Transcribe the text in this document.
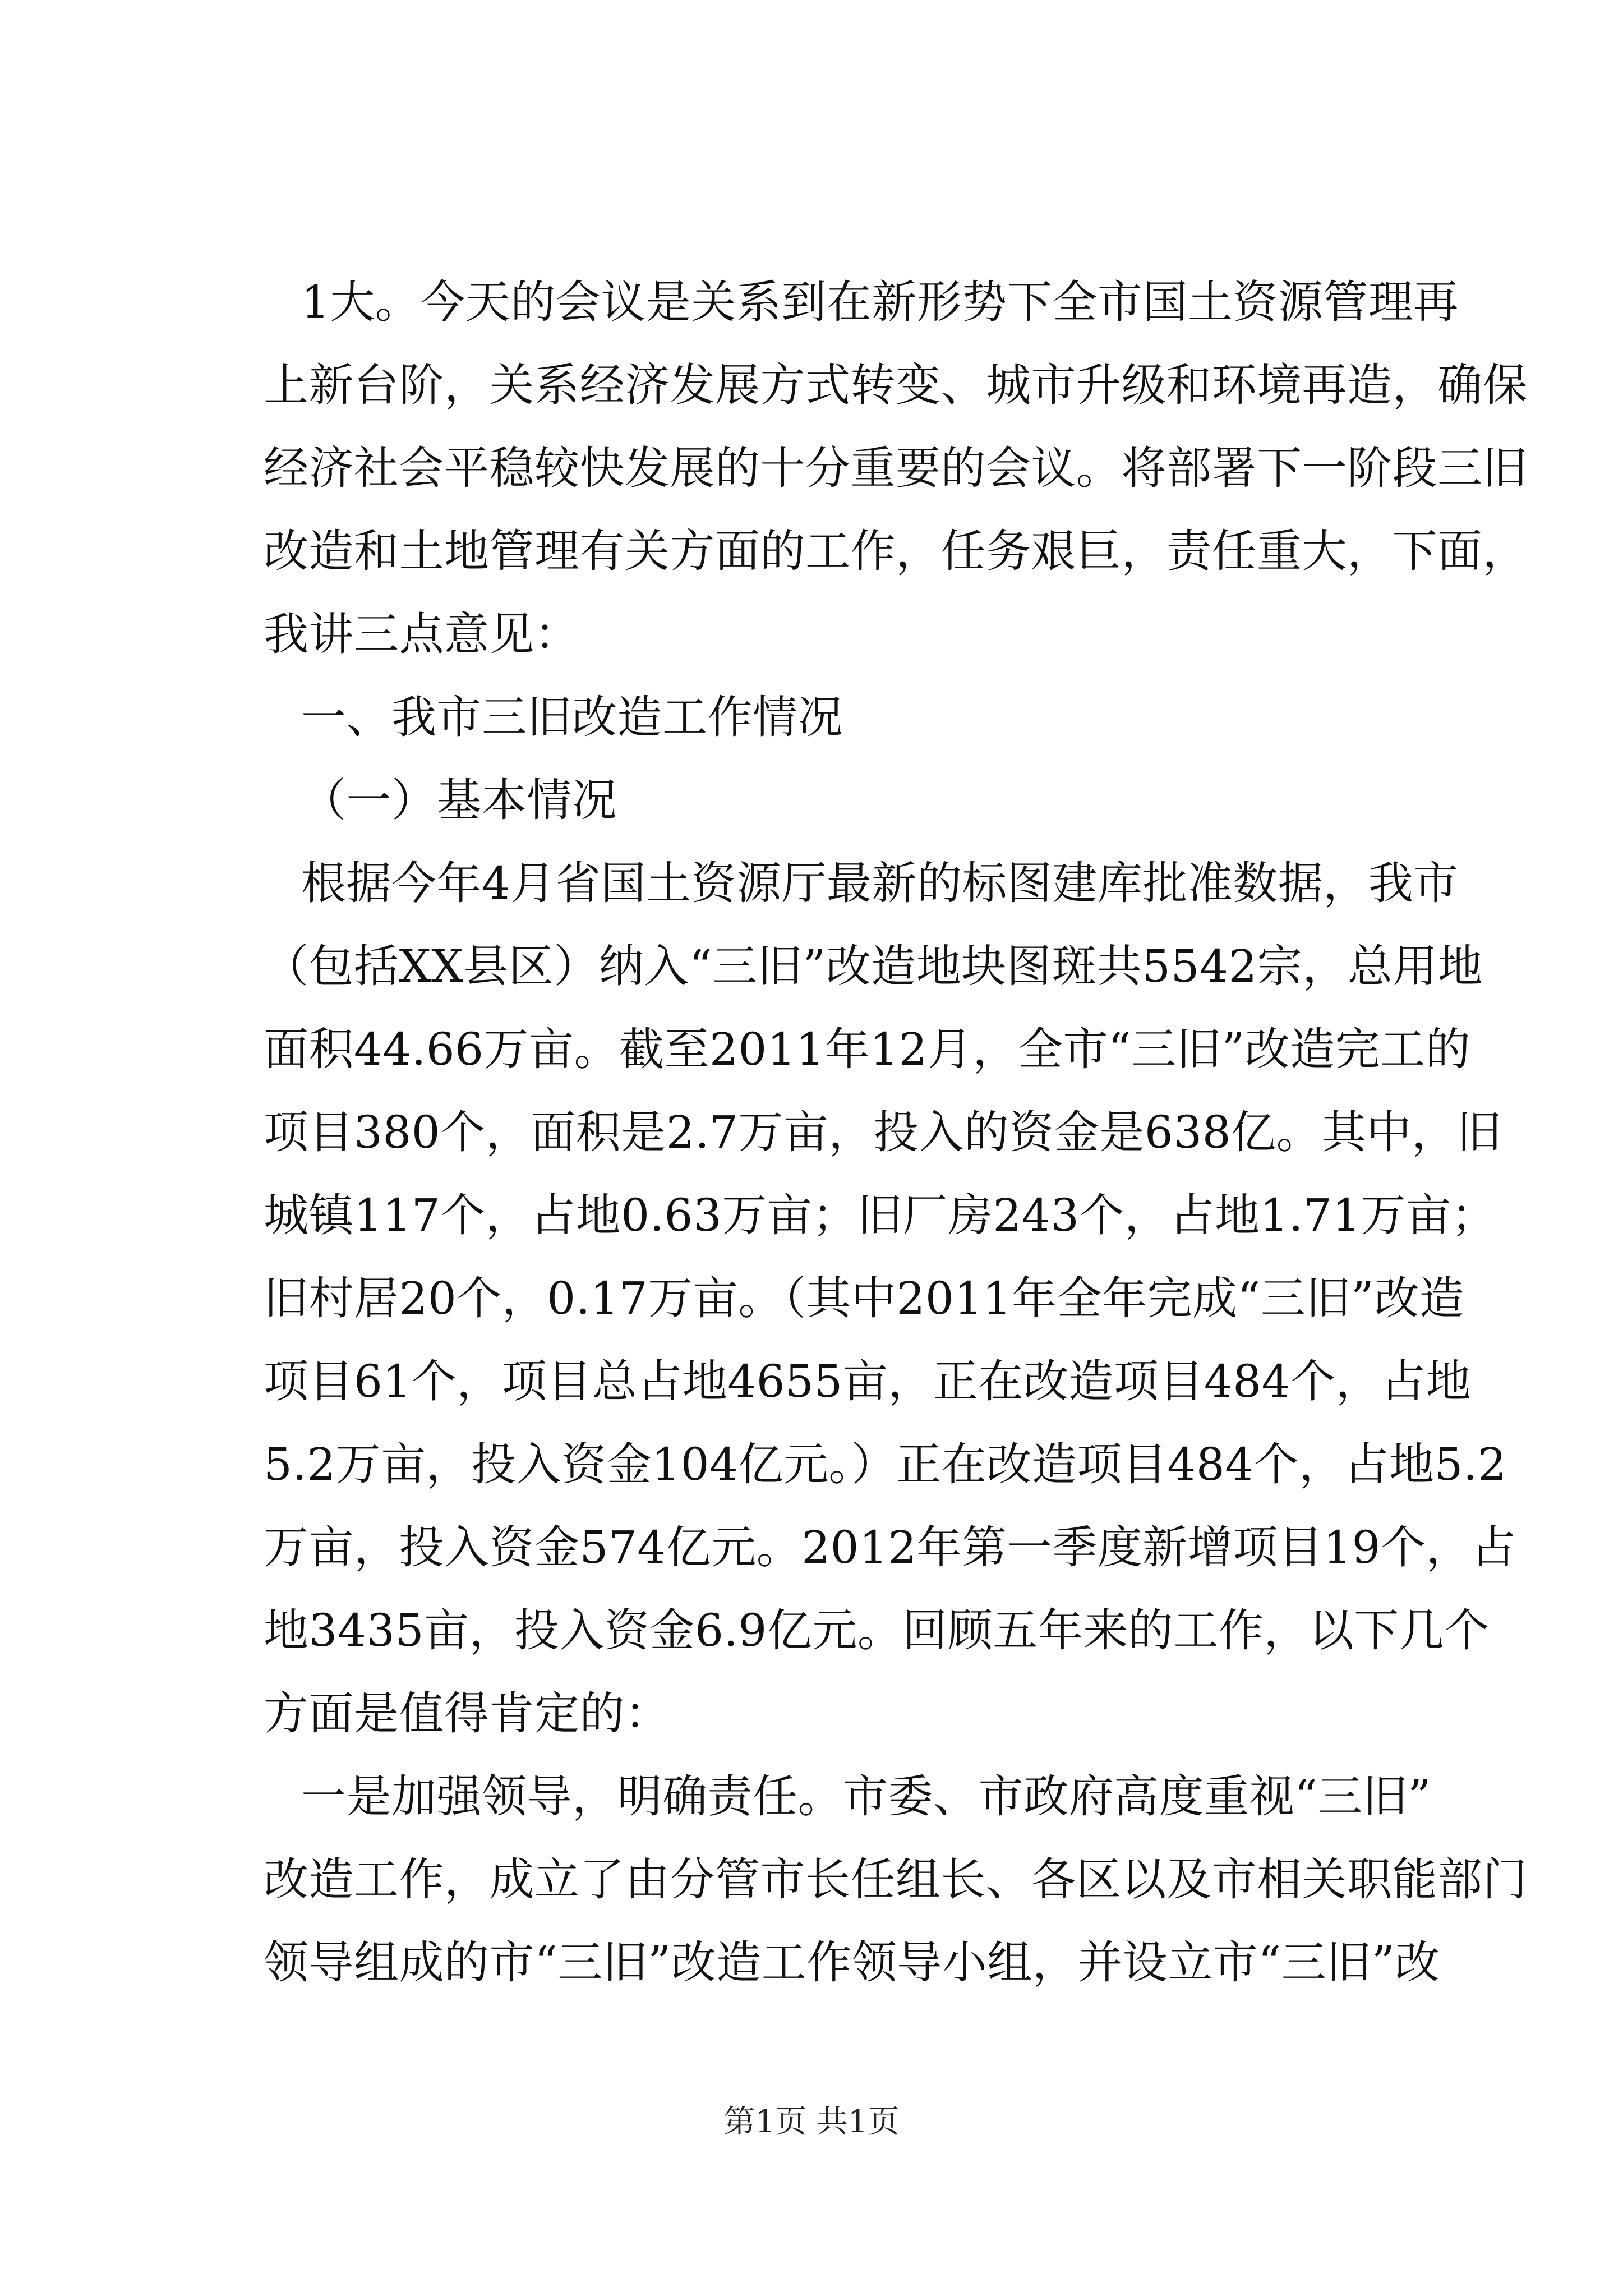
1大。今天的会议是关系到在新形势下全市国土资源管理再
上新台阶，关系经济发展方式转变、城市升级和环境再造，确保
经济社会平稳较快发展的十分重要的会议。将部署下一阶段三旧
改造和土地管理有关方面的工作，任务艰巨，责任重大，下面，
我讲三点意见：
一、我市三旧改造工作情况
（一）基本情况
根据今年4月省国土资源厅最新的标图建库批准数据，我市
（包括XX县区）纳入“三旧”改造地块图斑共5542宗，总用地
面积44.66万亩。截至2011年12月，全市“三旧”改造完工的
项目380个，面积是2.7万亩，投入的资金是638亿。其中，旧
城镇117个，占地0.63万亩；旧厂房243个，占地1.71万亩；
旧村居20个，0.17万亩。（其中2011年全年完成“三旧”改造
项目61个，项目总占地4655亩，正在改造项目484个，占地
5.2万亩，投入资金104亿元。）正在改造项目484个，占地5.2
万亩，投入资金574亿元。2012年第一季度新增项目19个，占
地3435亩，投入资金6.9亿元。回顾五年来的工作，以下几个
方面是值得肯定的：
一是加强领导，明确责任。市委、市政府高度重视“三旧”
改造工作，成立了由分管市长任组长、各区以及市相关职能部门
领导组成的市“三旧”改造工作领导小组，并设立市“三旧”改
第1页 共1页
